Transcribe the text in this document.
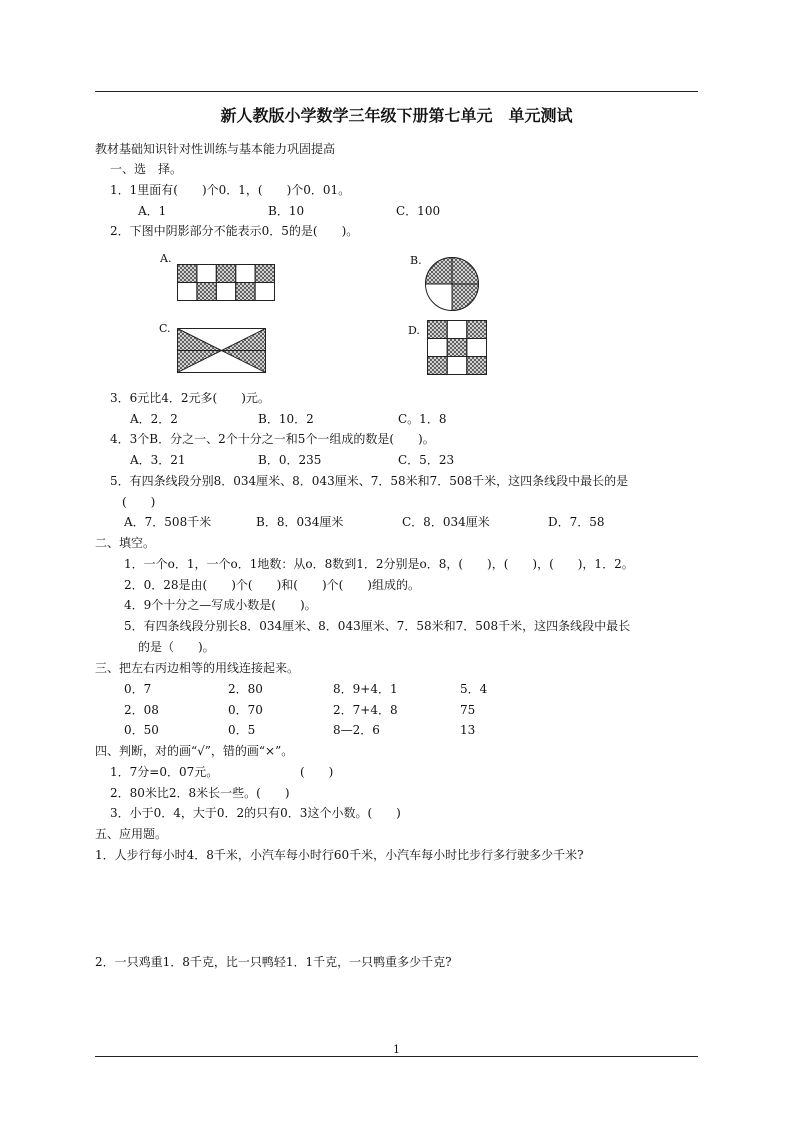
新人教版小学数学三年级下册第七单元　单元测试
教材基础知识针对性训练与基本能力巩固提高
一、选　择。
1．1里面有(　　)个0．1，(　　)个0．01。
A．1	B．10	C．100
2．下图中阴影部分不能表示0．5的是(　　)。
A.	B.
C.	D.
3．6元比4．2元多(　　)元。
A．2．2	B．10．2	C。1．8
4．3个B．分之一、2个十分之一和5个一组成的数是(　　)。
A．3．21	B．0．235	C．5．23
5．有四条线段分别8．034厘米、8．043厘米、7．58米和7．508千米，这四条线段中最长的是
(　　)
A．7．508千米	B．8．034厘米	C．8．034厘米	D．7．58
二、填空。
1．一个o．1，一个o．1地数：从o．8数到1．2分别是o．8，(　　)，(　　)，(　　)，1．2。
2．0．28是由(　　)个(　　)和(　　)个(　　)组成的。
4．9个十分之—写成小数是(　　)。
5．有四条线段分别长8．034厘米、8．043厘米、7．58米和7．508千米，这四条线段中最长
的是（　　)。
三、把左右丙边相等的用线连接起来。
0．7	2．80	8．9+4．1	5．4
2．08	0．70	2．7+4．8	75
0．50	0．5	8—2．6	13
四、判断，对的画“√”，错的画“×”。
1．7分=0．07元。	(　　)
2．80米比2．8米长一些。(　　)
3．小于0．4，大于0．2的只有0．3这个小数。(　　)
五、应用题。
1．人步行每小时4．8千米，小汽车每小时行60千米，小汽车每小时比步行多行驶多少千米?
2．一只鸡重1．8千克，比一只鸭轻1．1千克，一只鸭重多少千克?
1
